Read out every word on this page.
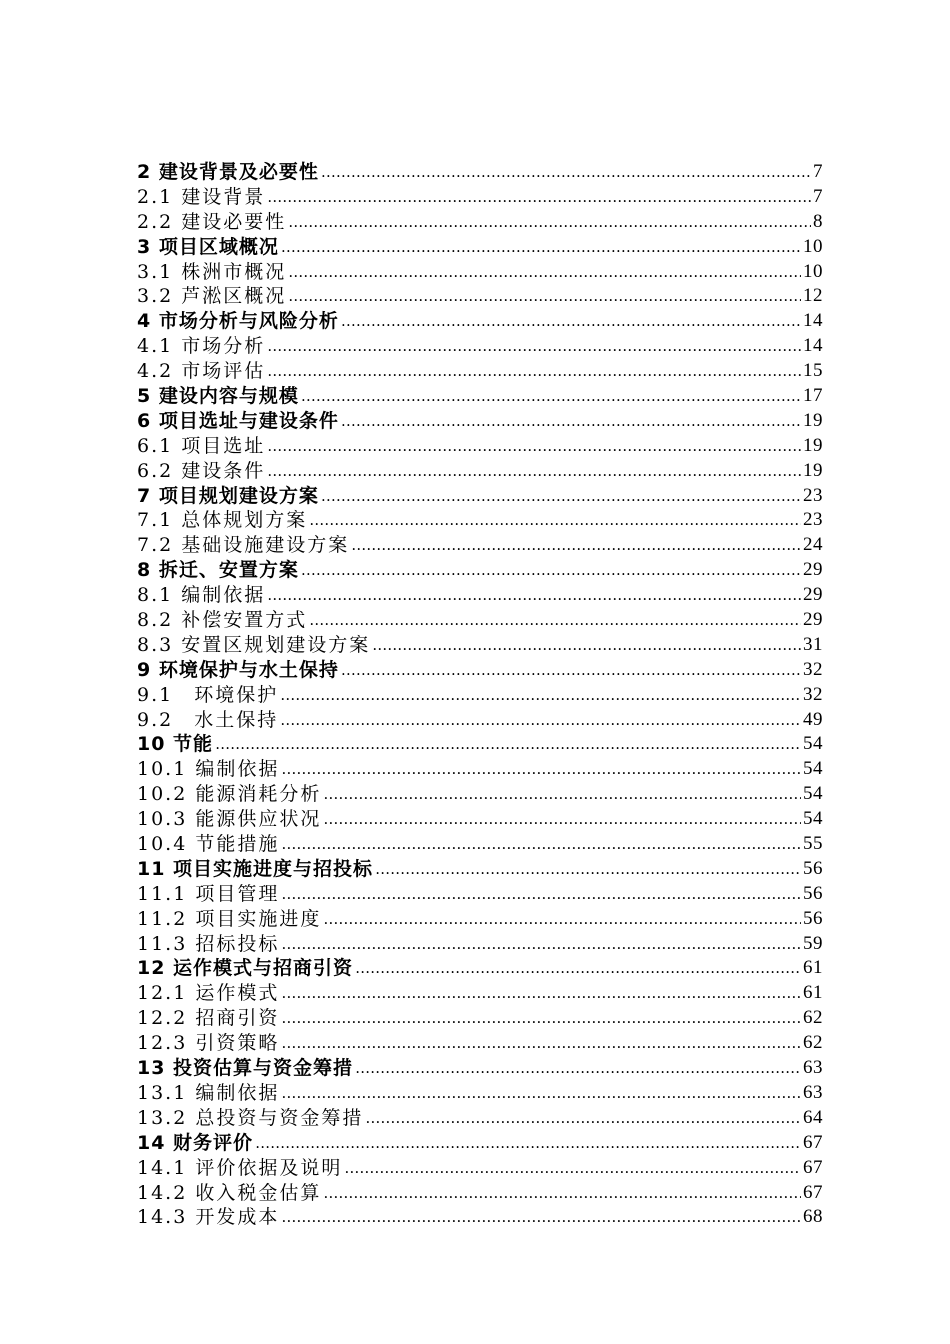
2 建设背景及必要性 …………………………………………………………………………………………………………………………………………………………………………………………………	7
2.1 建设背景 …………………………………………………………………………………………………………………………………………………………………………………………………	7
2.2 建设必要性 …………………………………………………………………………………………………………………………………………………………………………………………………	8
3 项目区域概况 …………………………………………………………………………………………………………………………………………………………………………………………………	10
3.1 株洲市概况 …………………………………………………………………………………………………………………………………………………………………………………………………	10
3.2 芦淞区概况 …………………………………………………………………………………………………………………………………………………………………………………………………	12
4 市场分析与风险分析 …………………………………………………………………………………………………………………………………………………………………………………………………	14
4.1 市场分析 …………………………………………………………………………………………………………………………………………………………………………………………………	14
4.2 市场评估 …………………………………………………………………………………………………………………………………………………………………………………………………	15
5 建设内容与规模 …………………………………………………………………………………………………………………………………………………………………………………………………	17
6 项目选址与建设条件 …………………………………………………………………………………………………………………………………………………………………………………………………	19
6.1 项目选址 …………………………………………………………………………………………………………………………………………………………………………………………………	19
6.2 建设条件 …………………………………………………………………………………………………………………………………………………………………………………………………	19
7 项目规划建设方案 …………………………………………………………………………………………………………………………………………………………………………………………………	23
7.1 总体规划方案 …………………………………………………………………………………………………………………………………………………………………………………………………	23
7.2 基础设施建设方案 …………………………………………………………………………………………………………………………………………………………………………………………………	24
8 拆迁、安置方案 …………………………………………………………………………………………………………………………………………………………………………………………………	29
8.1 编制依据 …………………………………………………………………………………………………………………………………………………………………………………………………	29
8.2 补偿安置方式 …………………………………………………………………………………………………………………………………………………………………………………………………	29
8.3 安置区规划建设方案 …………………………………………………………………………………………………………………………………………………………………………………………………	31
9 环境保护与水土保持 …………………………………………………………………………………………………………………………………………………………………………………………………	32
9.1　环境保护 …………………………………………………………………………………………………………………………………………………………………………………………………	32
9.2　水土保持 …………………………………………………………………………………………………………………………………………………………………………………………………	49
10 节能 …………………………………………………………………………………………………………………………………………………………………………………………………	54
10.1 编制依据 …………………………………………………………………………………………………………………………………………………………………………………………………	54
10.2 能源消耗分析 …………………………………………………………………………………………………………………………………………………………………………………………………	54
10.3 能源供应状况 …………………………………………………………………………………………………………………………………………………………………………………………………	54
10.4 节能措施 …………………………………………………………………………………………………………………………………………………………………………………………………	55
11 项目实施进度与招投标 …………………………………………………………………………………………………………………………………………………………………………………………………	56
11.1 项目管理 …………………………………………………………………………………………………………………………………………………………………………………………………	56
11.2 项目实施进度 …………………………………………………………………………………………………………………………………………………………………………………………………	56
11.3 招标投标 …………………………………………………………………………………………………………………………………………………………………………………………………	59
12 运作模式与招商引资 …………………………………………………………………………………………………………………………………………………………………………………………………	61
12.1 运作模式 …………………………………………………………………………………………………………………………………………………………………………………………………	61
12.2 招商引资 …………………………………………………………………………………………………………………………………………………………………………………………………	62
12.3 引资策略 …………………………………………………………………………………………………………………………………………………………………………………………………	62
13 投资估算与资金筹措 …………………………………………………………………………………………………………………………………………………………………………………………………	63
13.1 编制依据 …………………………………………………………………………………………………………………………………………………………………………………………………	63
13.2 总投资与资金筹措 …………………………………………………………………………………………………………………………………………………………………………………………………	64
14 财务评价 …………………………………………………………………………………………………………………………………………………………………………………………………	67
14.1 评价依据及说明 …………………………………………………………………………………………………………………………………………………………………………………………………	67
14.2 收入税金估算 …………………………………………………………………………………………………………………………………………………………………………………………………	67
14.3 开发成本 …………………………………………………………………………………………………………………………………………………………………………………………………	68
